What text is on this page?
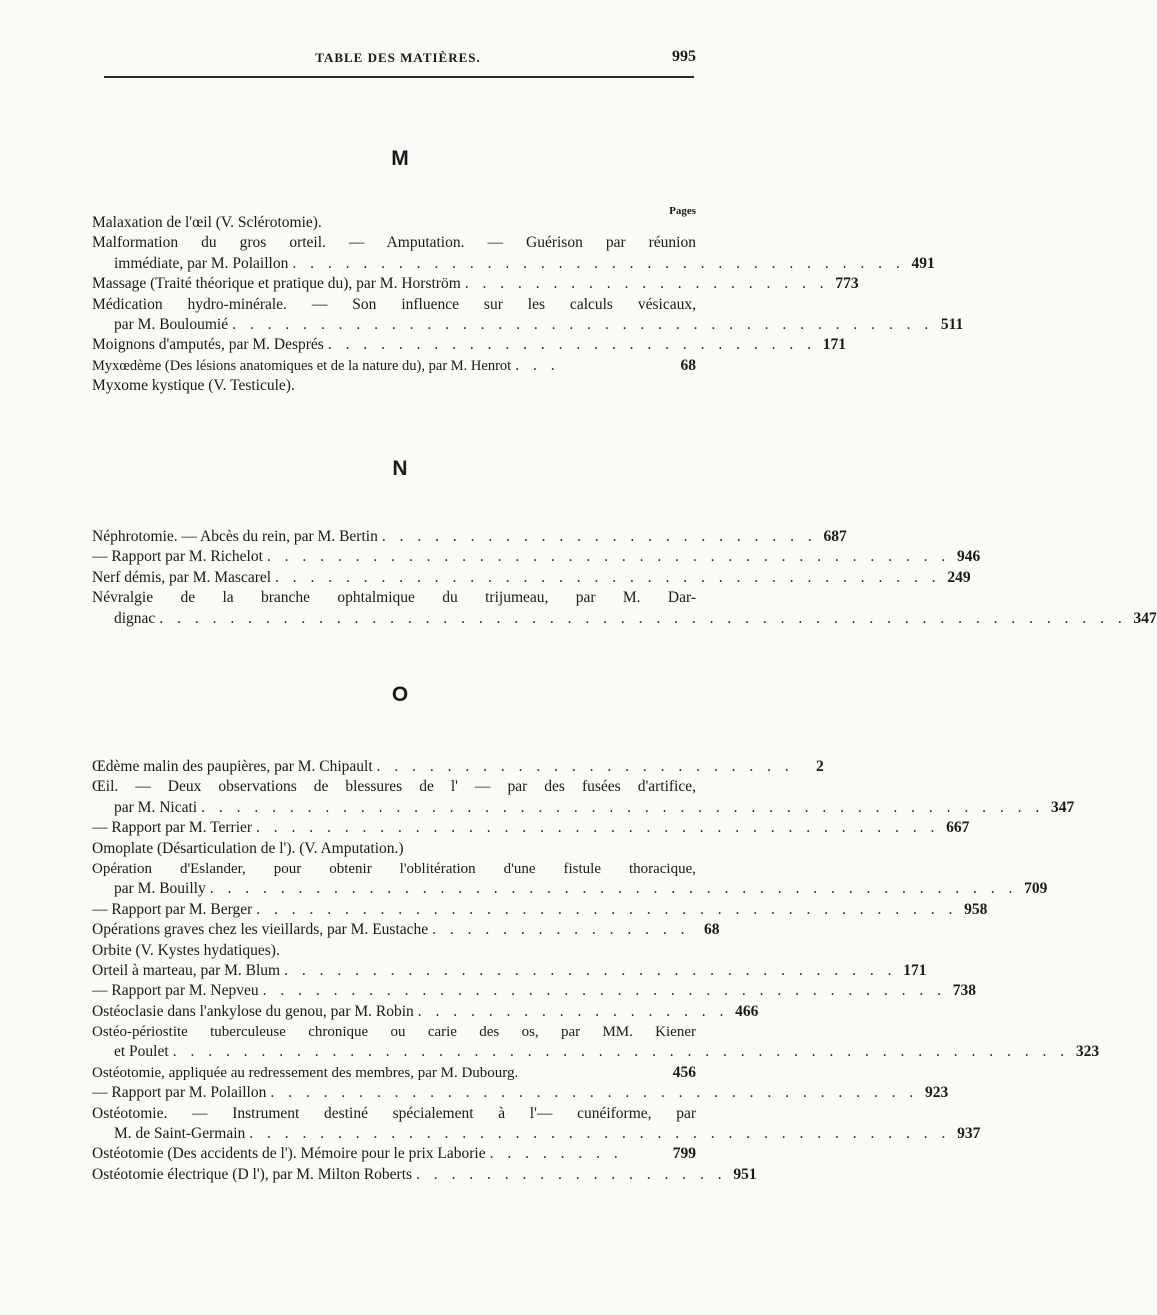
TABLE DES MATIÈRES.	995
M
Pages
Malaxation de l'œil (V. Sclérotomie).
Malformation du gros orteil. — Amputation. — Guérison par réunion
immédiate, par M. Polaillon . . . . . . . . . . . . . . . . . . . . . . . . . . . . . . . . . . . 491
Massage (Traité théorique et pratique du), par M. Horström . . . . . . . . . . . . . . . . . . . . . 773
Médication hydro-minérale. — Son influence sur les calculs vésicaux,
par M. Bouloumié . . . . . . . . . . . . . . . . . . . . . . . . . . . . . . . . . . . . . . . . 511
Moignons d'amputés, par M. Després . . . . . . . . . . . . . . . . . . . . . . . . . . . . 171
Myxœdème (Des lésions anatomiques et de la nature du), par M. Henrot . . .	68
Myxome kystique (V. Testicule).
N
Néphrotomie. — Abcès du rein, par M. Bertin . . . . . . . . . . . . . . . . . . . . . . . . . 687
— Rapport par M. Richelot . . . . . . . . . . . . . . . . . . . . . . . . . . . . . . . . . . . . . . . 946
Nerf démis, par M. Mascarel . . . . . . . . . . . . . . . . . . . . . . . . . . . . . . . . . . . . . . 249
Névralgie de la branche ophtalmique du trijumeau, par M. Dar-
dignac . . . . . . . . . . . . . . . . . . . . . . . . . . . . . . . . . . . . . . . . . . . . . . . . . . . . . . . 347
O
Œdème malin des paupières, par M. Chipault . . . . . . . . . . . . . . . . . . . . . . . .	2
Œil. — Deux observations de blessures de l' — par des fusées d'artifice,
par M. Nicati . . . . . . . . . . . . . . . . . . . . . . . . . . . . . . . . . . . . . . . . . . . . . . . . 347
— Rapport par M. Terrier . . . . . . . . . . . . . . . . . . . . . . . . . . . . . . . . . . . . . . . 667
Omoplate (Désarticulation de l'). (V. Amputation.)
Opération d'Eslander, pour obtenir l'oblitération d'une fistule thoracique,
par M. Bouilly . . . . . . . . . . . . . . . . . . . . . . . . . . . . . . . . . . . . . . . . . . . . . . 709
— Rapport par M. Berger . . . . . . . . . . . . . . . . . . . . . . . . . . . . . . . . . . . . . . . . 958
Opérations graves chez les vieillards, par M. Eustache . . . . . . . . . . . . . . . 68
Orbite (V. Kystes hydatiques).
Orteil à marteau, par M. Blum . . . . . . . . . . . . . . . . . . . . . . . . . . . . . . . . . . . 171
— Rapport par M. Nepveu . . . . . . . . . . . . . . . . . . . . . . . . . . . . . . . . . . . . . . . 738
Ostéoclasie dans l'ankylose du genou, par M. Robin . . . . . . . . . . . . . . . . . . 466
Ostéo-périostite tuberculeuse chronique ou carie des os, par MM. Kiener
et Poulet . . . . . . . . . . . . . . . . . . . . . . . . . . . . . . . . . . . . . . . . . . . . . . . . . . . 323
Ostéotomie, appliquée au redressement des membres, par M. Dubourg.	456
— Rapport par M. Polaillon . . . . . . . . . . . . . . . . . . . . . . . . . . . . . . . . . . . . . 923
Ostéotomie. — Instrument destiné spécialement à l'— cunéiforme, par
M. de Saint-Germain . . . . . . . . . . . . . . . . . . . . . . . . . . . . . . . . . . . . . . . . 937
Ostéotomie (Des accidents de l'). Mémoire pour le prix Laborie . . . . . . . .	799
Ostéotomie électrique (D l'), par M. Milton Roberts . . . . . . . . . . . . . . . . . . 951
